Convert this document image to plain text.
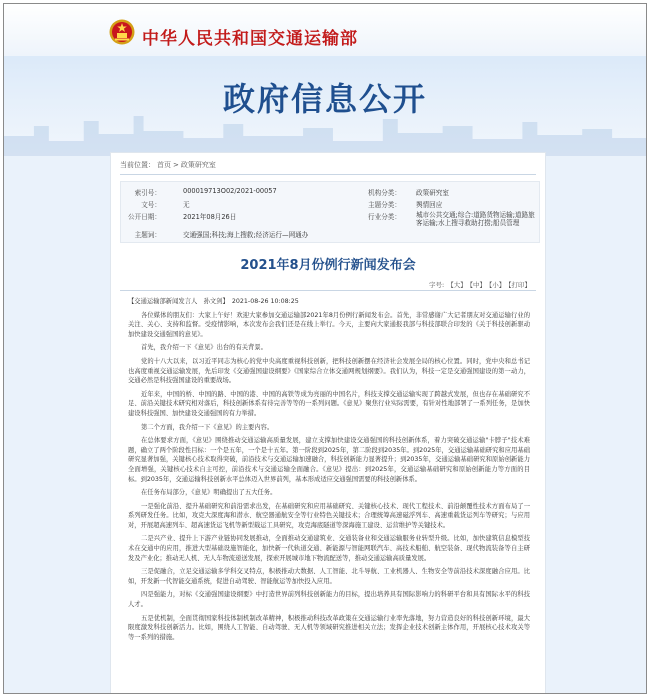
中华人民共和国交通运输部
政府信息公开
当前位置： 首页 > 政策研究室
索引号：	000019713O02/2021-00057	机构分类： 政策研究室
文号：	无	主题分类： 舆情回应
公开日期：	2021年08月26日	行业分类： 城市公共交通;综合:道路货物运输;道路旅客运输;水上搜寻救助打捞;船员管理
主题词：	交通强国;科技;海上搜救;经济运行—网通办
2021年8月份例行新闻发布会
字号: 【大】 【中】 【小】 【打印】
【交通运输部新闻发言人　孙文剑】　2021-08-26 10:08:25

各位媒体的朋友们：大家上午好！欢迎大家参加交通运输部2021年8月份例行新闻发布会。首先，非常感谢广大记者朋友对交通运输行业的关注、关心、支持和监督。受疫情影响，本次发布会我们还是在线上举行。今天，主要向大家通报我部与科技部联合印发的《关于科技创新驱动加快建设交通强国的意见》。

首先，我介绍一下《意见》出台的有关背景。

党的十八大以来，以习近平同志为核心的党中央高度重视科技创新，把科技创新摆在经济社会发展全局的核心位置。同时，党中央和总书记也高度重视交通运输发展，先后印发《交通强国建设纲要》《国家综合立体交通网规划纲要》。我们认为，科技一定是交通强国建设的第一动力，交通必然是科技强国建设的重要战场。

近年来，中国的桥、中国的路、中国的港、中国的高铁等成为亮丽的中国名片，科技支撑交通运输实现了跨越式发展，但也存在基础研究不足、前沿关键技术研究相对落后，科技创新体系有待完善等等的一系列问题。《意见》聚焦行业实际需要，有针对性地部署了一系列任务，是加快建设科技强国、加快建设交通强国的有力举措。

第二个方面，我介绍一下《意见》的主要内容。

在总体要求方面，《意见》围绕推动交通运输高质量发展，建立支撑加快建设交通强国的科技创新体系，着力突破交通运输"卡脖子"技术难题，确立了两个阶段性目标：一个是五年，一个是十五年。第一阶段到2025年，第二阶段到2035年。到2025年，交通运输基础研究和应用基础研究显著加强，关键核心技术取得突破，前沿技术与交通运输加速融合，科技创新能力显著提升；到2035年，交通运输基础研究和原始创新能力全面增强，关键核心技术自主可控，前沿技术与交通运输全面融合。《意见》提出：到2025年，交通运输基础研究和原始创新能力等方面的目标。到2035年，交通运输科技创新水平总体迈入世界前列，基本形成适应交通强国需要的科技创新体系。

在任务布局部分，《意见》明确提出了五大任务。

一是强化前沿、提升基础研究和前沿需求出发，在基础研究和应用基础研究、关键核心技术、现代工程技术、前沿颠覆性技术方面布局了一系列研发任务。比如，攻克大深度海和潜水、航空器通航安全等行业特色关键技术；合理统筹高速磁浮列车、高速重载货运列车等研究；与应用对，开展超高速列车、超高速货运飞机等新型载运工具研究，攻克海底隧道等深海施工建设、运营维护等关键技术。

二是兴产业、提升上下游产业链协同发展推动，全面推动交通建筑业、交通装备业和交通运输服务业转型升级。比如，加快建筑信息模型技术在交通中的应用，推进大型基础设施智能化，加快新一代轨道交通、新能源与智能网联汽车、高技术船舶、航空装备、现代物流装备等自主研发及产业化；推动无人机、无人车物流递送发展，探索开展城市地下物流配送等，推动交通运输高质量发展。

三是促融合，立足交通运输多学科交叉特点，积极推动大数据、人工智能、北斗导航、工业机器人、生物安全等前沿技术深度融合应用。比如，开发新一代智能交通系统，促进自动驾驶、智能航运等加快投入应用。

四是强能力，对标《交通强国建设纲要》中打造世界前列科技创新能力的目标，提出培养具有国际影响力的科研平台和具有国际水平的科技人才。

五是优机制，全面贯彻国家科技体制机制改革精神，积极推动科技改革政策在交通运输行业率先落地，努力营造良好的科技创新环境，最大限度激发科技创新活力。比如，围绕人工智能、自动驾驶、无人机等领域研究推进相关立法；发挥企业技术创新主体作用，开展核心技术攻关等等一系列的措施。
